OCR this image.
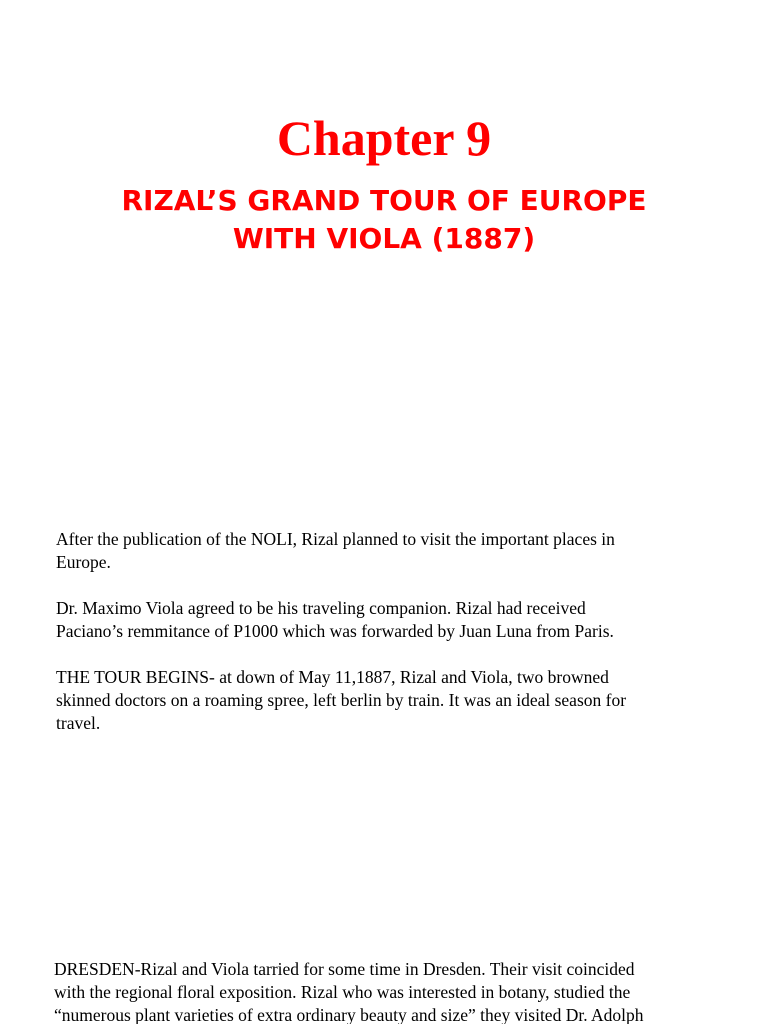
Chapter 9
RIZAL’S GRAND TOUR OF EUROPE
WITH VIOLA (1887)

After the publication of the NOLI, Rizal planned to visit the important places in
Europe.

Dr. Maximo Viola agreed to be his traveling companion. Rizal had received
Paciano’s remmitance of P1000 which was forwarded by Juan Luna from Paris.

THE TOUR BEGINS- at down of May 11,1887, Rizal and Viola, two browned
skinned doctors on a roaming spree, left berlin by train. It was an ideal season for
travel.

DRESDEN-Rizal and Viola tarried for some time in Dresden. Their visit coincided
with the regional floral exposition. Rizal who was interested in botany, studied the
“numerous plant varieties of extra ordinary beauty and size” they visited Dr. Adolph
